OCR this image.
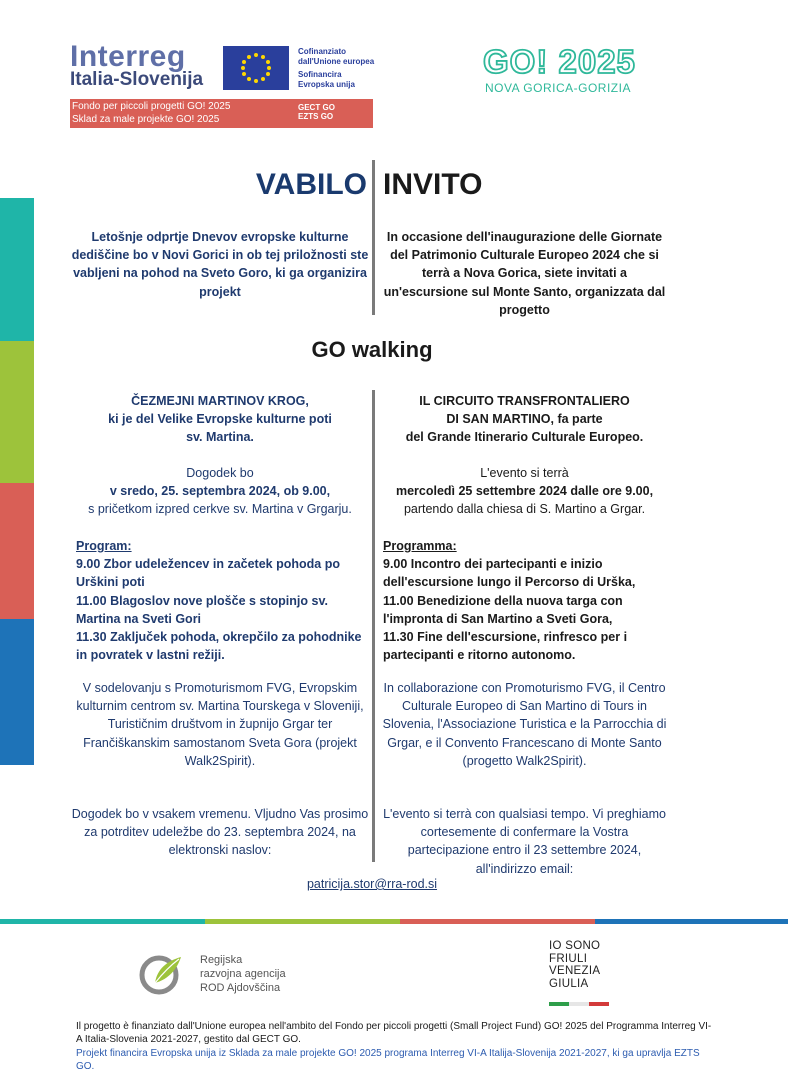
Interreg
Italia-Slovenija
Cofinanziato
dall'Unione europea
Sofinancira
Evropska unija
Fondo per piccoli progetti GO! 2025
Sklad za male projekte GO! 2025
GECT GO
EZTS GO
GO! 2025
NOVA GORICA-GORIZIA
VABILO INVITO
Letošnje odprtje Dnevov evropske kulturne dediščine bo v Novi Gorici in ob tej priložnosti ste vabljeni na pohod na Sveto Goro, ki ga organizira projekt
In occasione dell'inaugurazione delle Giornate del Patrimonio Culturale Europeo 2024 che si terrà a Nova Gorica, siete invitati a un'escursione sul Monte Santo, organizzata dal progetto
GO walking
ČEZMEJNI MARTINOV KROG,
ki je del Velike Evropske kulturne poti
sv. Martina.
IL CIRCUITO TRANSFRONTALIERO
DI SAN MARTINO, fa parte
del Grande Itinerario Culturale Europeo.
Dogodek bo
v sredo, 25. septembra 2024, ob 9.00,
s pričetkom izpred cerkve sv. Martina v Grgarju.
L'evento si terrà
mercoledì 25 settembre 2024 dalle ore 9.00,
partendo dalla chiesa di S. Martino a Grgar.
Program:
9.00 Zbor udeležencev in začetek pohoda po Urškini poti
11.00 Blagoslov nove plošče s stopinjo sv. Martina na Sveti Gori
11.30 Zaključek pohoda, okrepčilo za pohodnike in povratek v lastni režiji.
Programma:
9.00 Incontro dei partecipanti e inizio dell'escursione lungo il Percorso di Urška,
11.00 Benedizione della nuova targa con l'impronta di San Martino a Sveti Gora,
11.30 Fine dell'escursione, rinfresco per i partecipanti e ritorno autonomo.
V sodelovanju s Promoturismom FVG, Evropskim kulturnim centrom sv. Martina Tourskega v Sloveniji, Turističnim društvom in župnijo Grgar ter Frančiškanskim samostanom Sveta Gora (projekt Walk2Spirit).
In collaborazione con Promoturismo FVG, il Centro Culturale Europeo di San Martino di Tours in Slovenia, l'Associazione Turistica e la Parrocchia di Grgar, e il Convento Francescano di Monte Santo (progetto Walk2Spirit).
Dogodek bo v vsakem vremenu. Vljudno Vas prosimo za potrditev udeležbe do 23. septembra 2024, na elektronski naslov:
L'evento si terrà con qualsiasi tempo. Vi preghiamo cortesemente di confermare la Vostra partecipazione entro il 23 settembre 2024, all'indirizzo email:
patricija.stor@rra-rod.si
Regijska
razvojna agencija
ROD Ajdovščina
IO SONO
FRIULI
VENEZIA
GIULIA
Il progetto è finanziato dall'Unione europea nell'ambito del Fondo per piccoli progetti (Small Project Fund) GO! 2025 del Programma Interreg VI-A Italia-Slovenia 2021-2027, gestito dal GECT GO.
Projekt financira Evropska unija iz Sklada za male projekte GO! 2025 programa Interreg VI-A Italija-Slovenija 2021-2027, ki ga upravlja EZTS GO.
